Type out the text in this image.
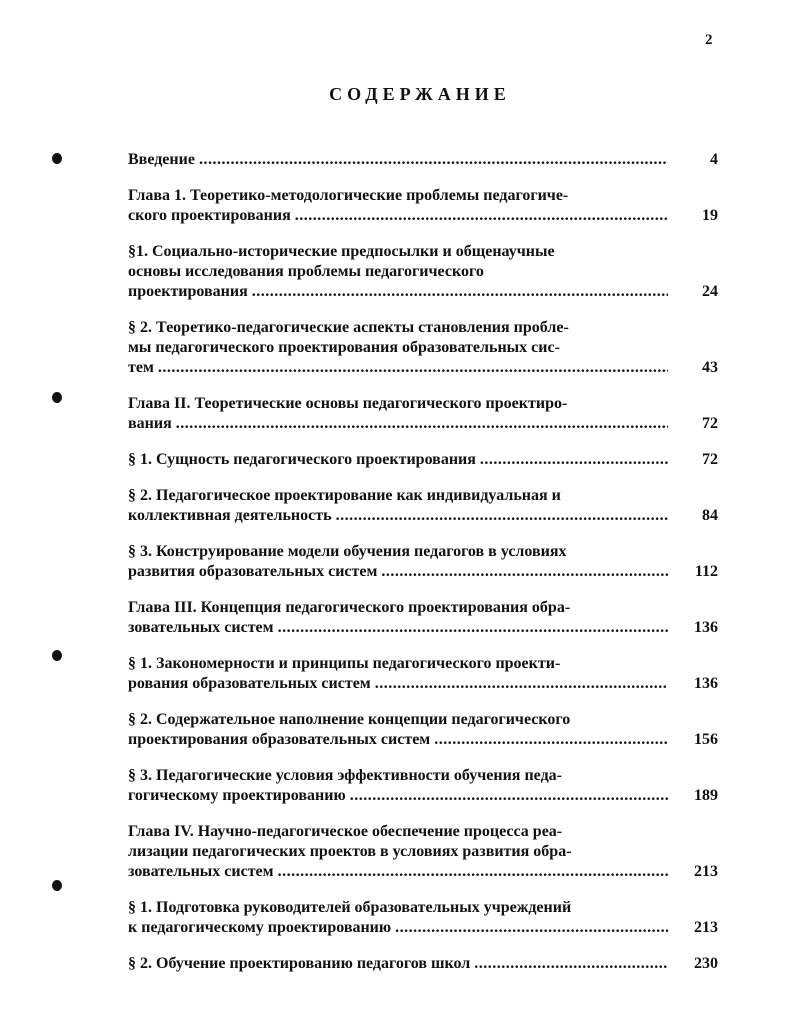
2
СОДЕРЖАНИЕ
Введение .....	4
Глава 1. Теоретико-методологические проблемы педагогиче-
ского проектирования .....	19
§1. Социально-исторические предпосылки и общенаучные
основы исследования проблемы педагогического
проектирования .....	24
§ 2. Теоретико-педагогические аспекты становления пробле-
мы педагогического проектирования образовательных сис-
тем .....	43
Глава II. Теоретические основы педагогического проектиро-
вания .....	72
§ 1. Сущность педагогического проектирования .....	72
§ 2. Педагогическое проектирование как индивидуальная и
коллективная деятельность .....	84
§ 3. Конструирование модели обучения педагогов в условиях
развития образовательных систем .....	112
Глава III. Концепция педагогического проектирования обра-
зовательных систем .....	136
§ 1. Закономерности и принципы педагогического проекти-
рования образовательных систем .....	136
§ 2. Содержательное наполнение концепции педагогического
проектирования образовательных систем .....	156
§ 3. Педагогические условия эффективности обучения педа-
гогическому проектированию .....	189
Глава IV. Научно-педагогическое обеспечение процесса реа-
лизации педагогических проектов в условиях развития обра-
зовательных систем .....	213
§ 1. Подготовка руководителей образовательных учреждений
к педагогическому проектированию .....	213
§ 2. Обучение проектированию педагогов школ .....	230
